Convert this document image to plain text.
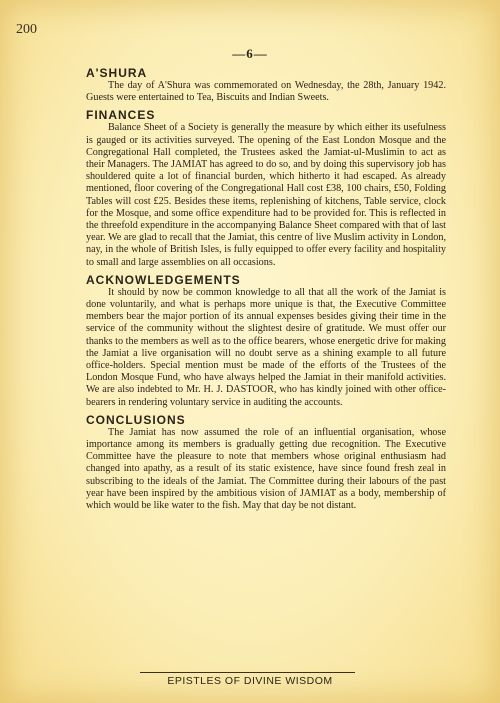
200
—6—
A'SHURA

The day of A'Shura was commemorated on Wednesday, the 28th, January 1942. Guests were entertained to Tea, Biscuits and Indian Sweets.

FINANCES

Balance Sheet of a Society is generally the measure by which either its usefulness is gauged or its activities surveyed. The opening of the East London Mosque and the Congregational Hall completed, the Trustees asked the Jamiat-ul-Muslimin to act as their Managers. The JAMIAT has agreed to do so, and by doing this supervisory job has shouldered quite a lot of financial burden, which hitherto it had escaped. As already mentioned, floor covering of the Congregational Hall cost £38, 100 chairs, £50, Folding Tables will cost £25. Besides these items, replenishing of kitchens, Table service, clock for the Mosque, and some office expenditure had to be provided for. This is reflected in the threefold expenditure in the accompanying Balance Sheet compared with that of last year. We are glad to recall that the Jamiat, this centre of live Muslim activity in London, nay, in the whole of British Isles, is fully equipped to offer every facility and hospitality to small and large assemblies on all occasions.

ACKNOWLEDGEMENTS

It should by now be common knowledge to all that all the work of the Jamiat is done voluntarily, and what is perhaps more unique is that, the Executive Committee members bear the major portion of its annual expenses besides giving their time in the service of the community without the slightest desire of gratitude. We must offer our thanks to the members as well as to the office bearers, whose energetic drive for making the Jamiat a live organisation will no doubt serve as a shining example to all future office-holders. Special mention must be made of the efforts of the Trustees of the London Mosque Fund, who have always helped the Jamiat in their manifold activities. We are also indebted to Mr. H. J. DASTOOR, who has kindly joined with other office-bearers in rendering voluntary service in auditing the accounts.

CONCLUSIONS

The Jamiat has now assumed the role of an influential organisation, whose importance among its members is gradually getting due recognition. The Executive Committee have the pleasure to note that members whose original enthusiasm had changed into apathy, as a result of its static existence, have since found fresh zeal in subscribing to the ideals of the Jamiat. The Committee during their labours of the past year have been inspired by the ambitious vision of JAMIAT as a body, membership of which would be like water to the fish. May that day be not distant.

EPISTLES OF DIVINE WISDOM
